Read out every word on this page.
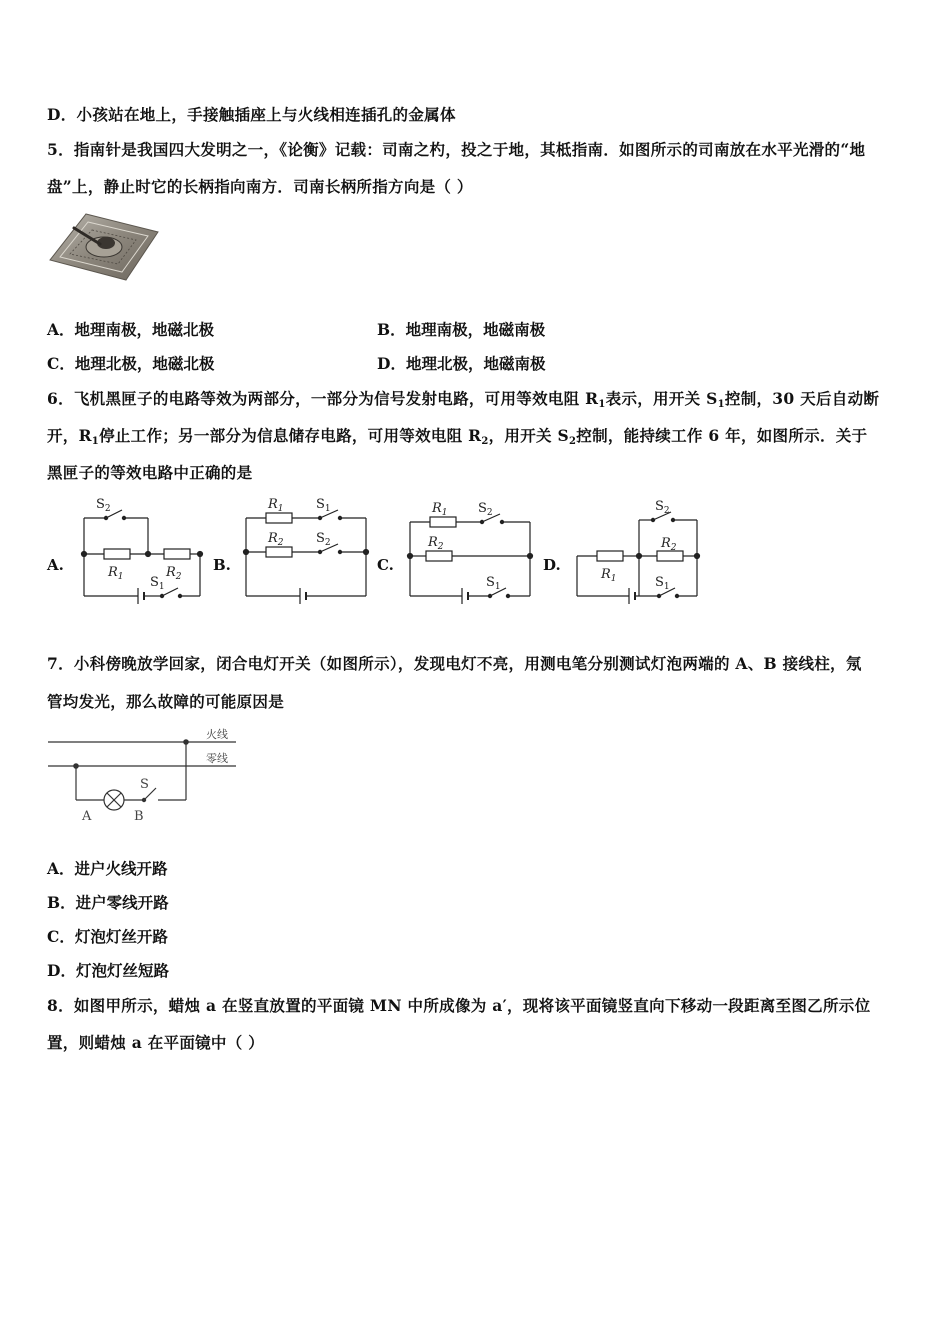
D．小孩站在地上，手接触插座上与火线相连插孔的金属体
5．指南针是我国四大发明之一，《论衡》记载：司南之杓，投之于地，其柢指南．如图所示的司南放在水平光滑的“地
盘”上，静止时它的长柄指向南方．司南长柄所指方向是（ ）
A．地理南极，地磁北极	B．地理南极，地磁南极
C．地理北极，地磁北极	D．地理北极，地磁南极
6．飞机黑匣子的电路等效为两部分，一部分为信号发射电路，可用等效电阻 $R_1$表示，用开关 $S_1$控制，30 天后自动断
开，$R_1$停止工作；另一部分为信息储存电路，可用等效电阻 $R_2$，用开关 $S_2$控制，能持续工作 6 年，如图所示．关于
黑匣子的等效电路中正确的是
A.	B.	C.	D.
$S_2$
$R_1$	$R_2$
$S_1$
$R_1$ $S_1$
$R_2$ $S_2$
$R_1$ $S_2$
$R_2$
$S_1$
$S_2$
$R_2$
$R_1$	$S_1$
7．小科傍晚放学回家，闭合电灯开关（如图所示），发现电灯不亮，用测电笔分别测试灯泡两端的 A、B 接线柱，氖
管均发光，那么故障的可能原因是
火线
零线
A	B
S
A．进户火线开路
B．进户零线开路
C．灯泡灯丝开路
D．灯泡灯丝短路
8．如图甲所示，蜡烛 a 在竖直放置的平面镜 MN 中所成像为 a′，现将该平面镜竖直向下移动一段距离至图乙所示位
置，则蜡烛 a 在平面镜中（ ）
